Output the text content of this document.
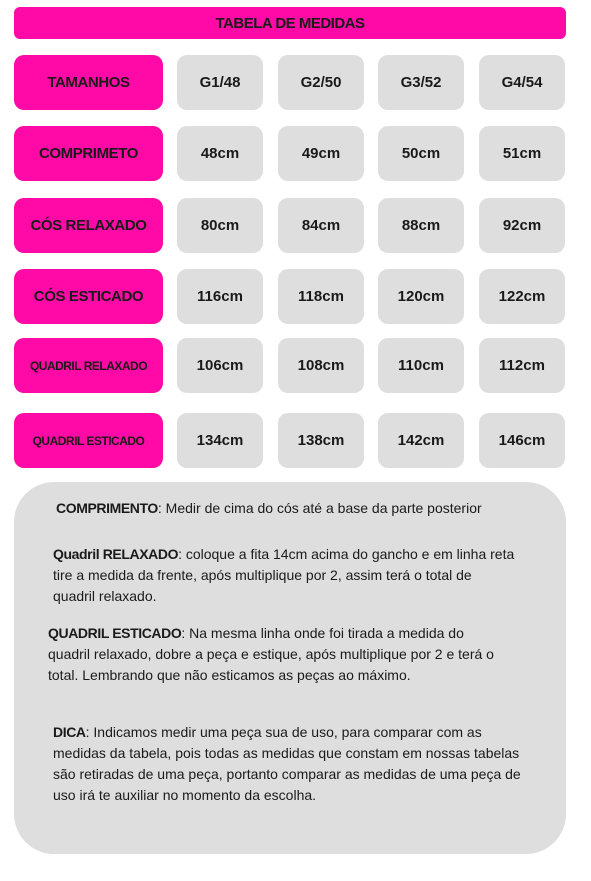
TABELA DE MEDIDAS
TAMANHOS	G1/48	G2/50	G3/52	G4/54
COMPRIMETO	48cm	49cm	50cm	51cm
CÓS RELAXADO	80cm	84cm	88cm	92cm
CÓS ESTICADO	116cm	118cm	120cm	122cm
QUADRIL RELAXADO	106cm	108cm	110cm	112cm
QUADRIL ESTICADO	134cm	138cm	142cm	146cm
COMPRIMENTO: Medir de cima do cós até a base da parte posterior
Quadril RELAXADO: coloque a fita 14cm acima do gancho e em linha reta tire a medida da frente, após multiplique por 2, assim terá o total de quadril relaxado.
QUADRIL ESTICADO: Na mesma linha onde foi tirada a medida do quadril relaxado, dobre a peça e estique, após multiplique por 2 e terá o total. Lembrando que não esticamos as peças ao máximo.
DICA: Indicamos medir uma peça sua de uso, para comparar com as medidas da tabela, pois todas as medidas que constam em nossas tabelas são retiradas de uma peça, portanto comparar as medidas de uma peça de uso irá te auxiliar no momento da escolha.
